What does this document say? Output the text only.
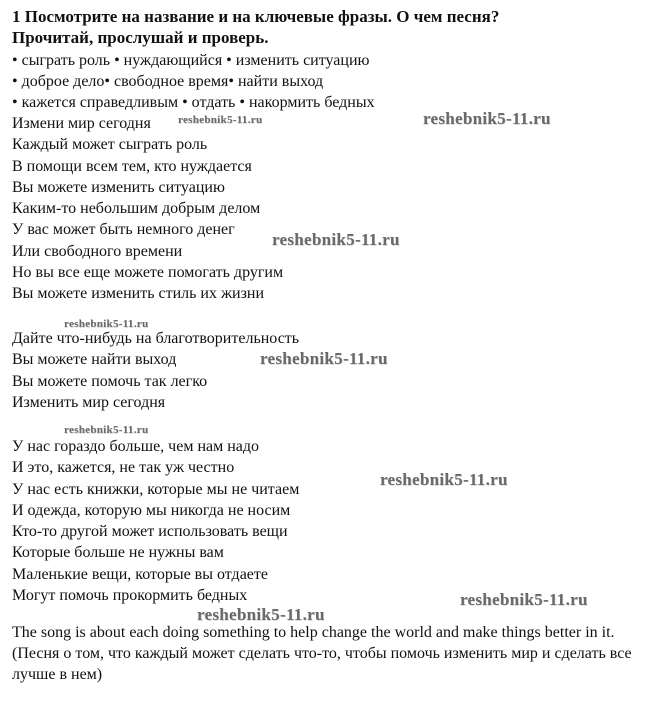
1 Посмотрите на название и на ключевые фразы. О чем песня?
Прочитай, прослушай и проверь.
• сыграть роль • нуждающийся • изменить ситуацию
• доброе дело• свободное время• найти выход
• кажется справедливым • отдать • накормить бедных
Измени мир сегодня
Каждый может сыграть роль
В помощи всем тем, кто нуждается
Вы можете изменить ситуацию
Каким-то небольшим добрым делом
У вас может быть немного денег
Или свободного времени
Но вы все еще можете помогать другим
Вы можете изменить стиль их жизни
Дайте что-нибудь на благотворительность
Вы можете найти выход
Вы можете помочь так легко
Изменить мир сегодня
У нас гораздо больше, чем нам надо
И это, кажется, не так уж честно
У нас есть книжки, которые мы не читаем
И одежда, которую мы никогда не носим
Кто-то другой может использовать вещи
Которые больше не нужны вам
Маленькие вещи, которые вы отдаете
Могут помочь прокормить бедных
The song is about each doing something to help change the world and make things better in it.(Песня о том, что каждый может сделать что-то, чтобы помочь изменить мир и сделать все лучше в нем)
reshebnik5-11.ru	reshebnik5-11.ru
reshebnik5-11.ru
reshebnik5-11.ru
reshebnik5-11.ru
reshebnik5-11.ru
reshebnik5-11.ru
reshebnik5-11.ru
reshebnik5-11.ru
